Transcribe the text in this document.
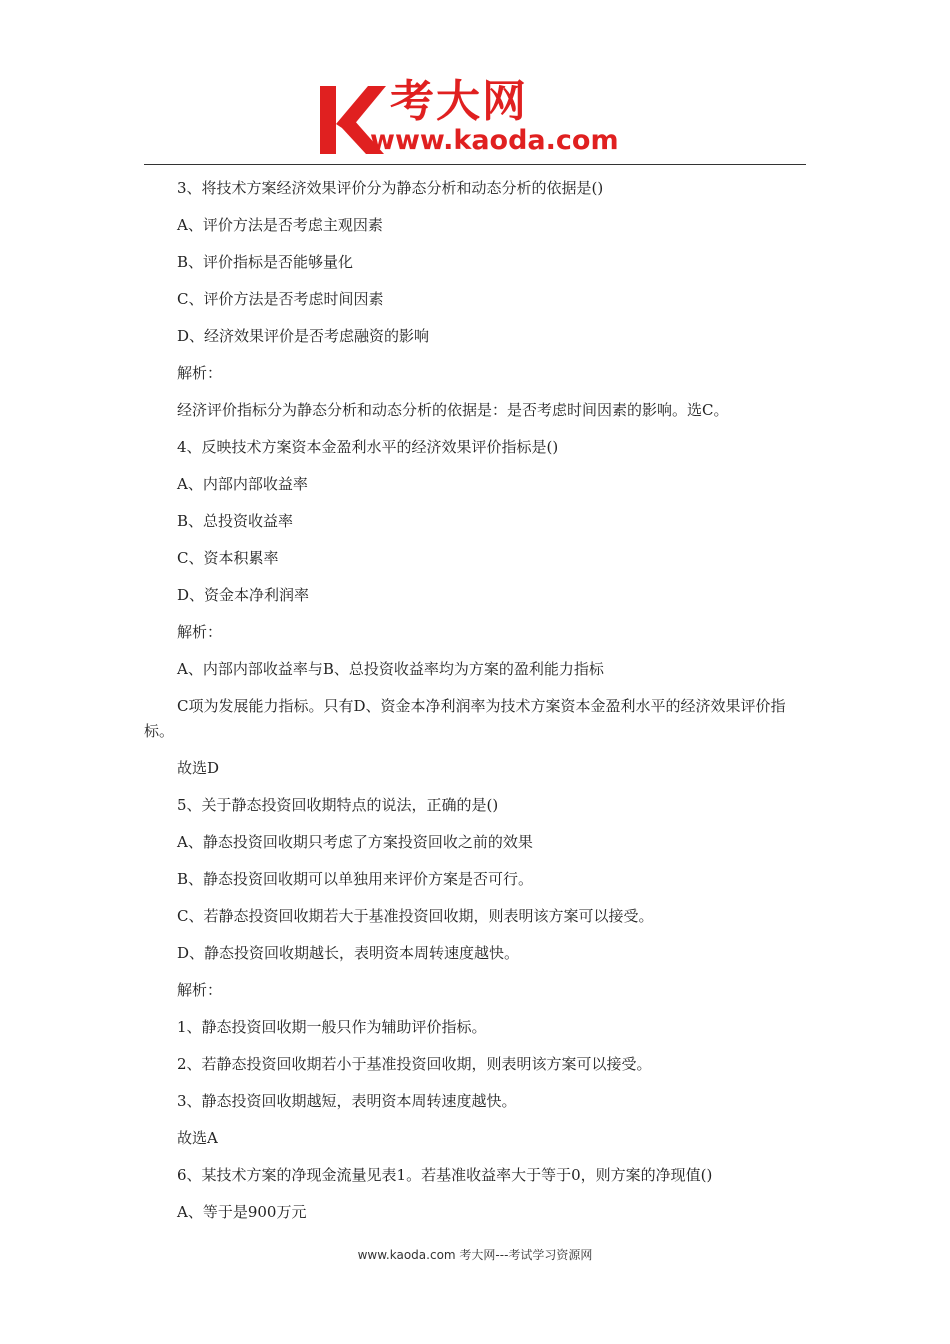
考大网
www.kaoda.com

3、将技术方案经济效果评价分为静态分析和动态分析的依据是()

A、评价方法是否考虑主观因素

B、评价指标是否能够量化

C、评价方法是否考虑时间因素

D、经济效果评价是否考虑融资的影响

解析：

经济评价指标分为静态分析和动态分析的依据是：是否考虑时间因素的影响。选C。

4、反映技术方案资本金盈利水平的经济效果评价指标是()

A、内部内部收益率

B、总投资收益率

C、资本积累率

D、资金本净利润率

解析：

A、内部内部收益率与B、总投资收益率均为方案的盈利能力指标

C项为发展能力指标。只有D、资金本净利润率为技术方案资本金盈利水平的经济效果评价指标。

故选D

5、关于静态投资回收期特点的说法，正确的是()

A、静态投资回收期只考虑了方案投资回收之前的效果

B、静态投资回收期可以单独用来评价方案是否可行。

C、若静态投资回收期若大于基准投资回收期，则表明该方案可以接受。

D、静态投资回收期越长，表明资本周转速度越快。

解析：

1、静态投资回收期一般只作为辅助评价指标。

2、若静态投资回收期若小于基准投资回收期，则表明该方案可以接受。

3、静态投资回收期越短，表明资本周转速度越快。

故选A

6、某技术方案的净现金流量见表1。若基准收益率大于等于0，则方案的净现值()

A、等于是900万元

www.kaoda.com 考大网---考试学习资源网
